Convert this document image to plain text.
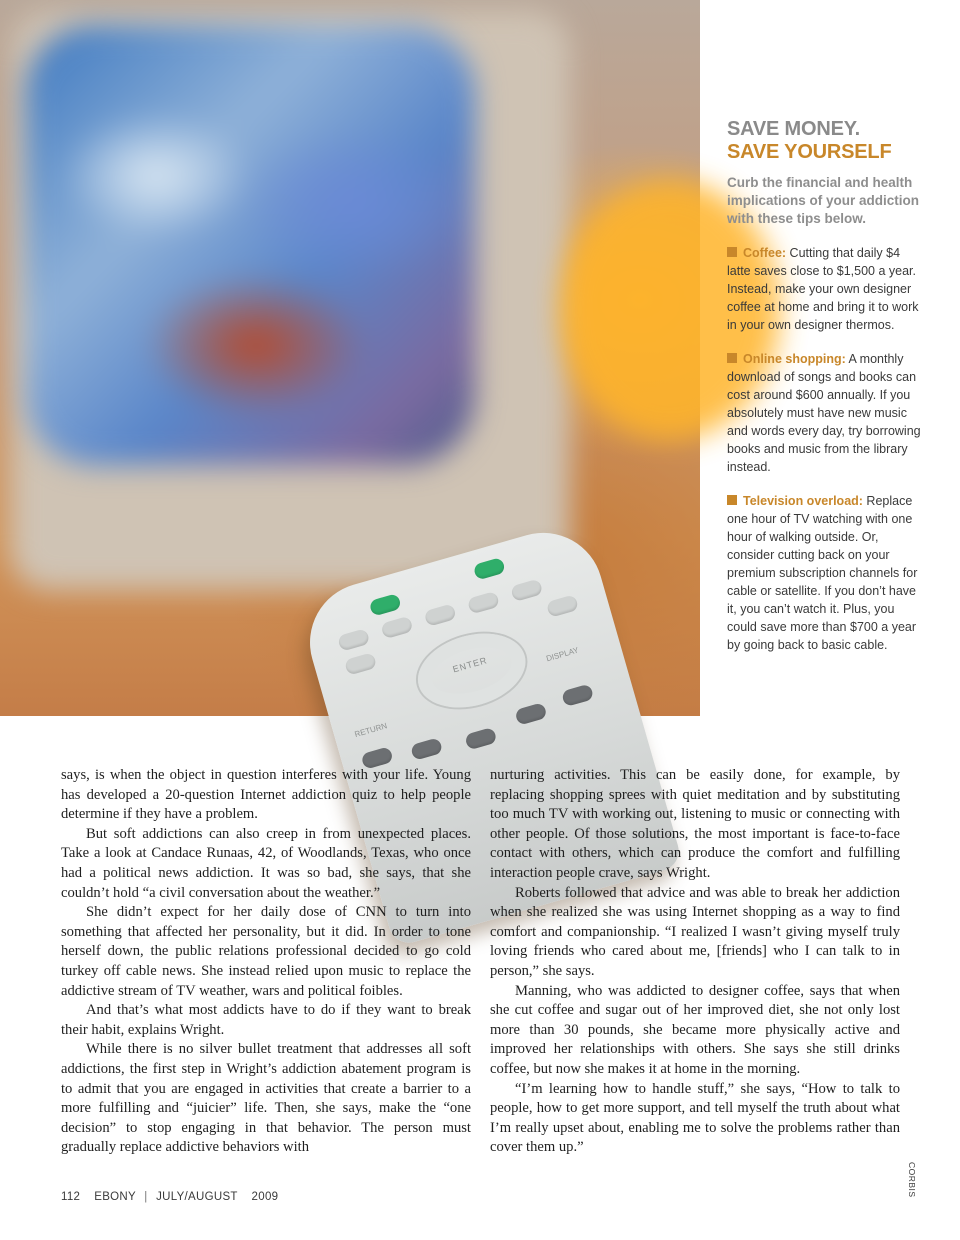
ENTER
RETURN
DISPLAY
SAVE MONEY.
SAVE YOURSELF
Curb the financial and health implications of your addiction with these tips below.
Coffee: Cutting that daily $4 latte saves close to $1,500 a year. Instead, make your own designer coffee at home and bring it to work in your own designer thermos.
Online shopping: A monthly download of songs and books can cost around $600 annually. If you absolutely must have new music and words every day, try borrowing books and music from the library instead.
Television overload: Replace one hour of TV watching with one hour of walking outside. Or, consider cutting back on your premium subscription channels for cable or satellite. If you don’t have it, you can’t watch it. Plus, you could save more than $700 a year by going back to basic cable.

says, is when the object in question interferes with your life. Young has developed a 20-question Internet addiction quiz to help people determine if they have a problem.

But soft addictions can also creep in from unexpected places. Take a look at Candace Runaas, 42, of Woodlands, Texas, who once had a political news addiction. It was so bad, she says, that she couldn’t hold “a civil conversation about the weather.”

She didn’t expect for her daily dose of CNN to turn into something that affected her personality, but it did. In order to tone herself down, the public relations professional decided to go cold turkey off cable news. She instead relied upon music to replace the addictive stream of TV weather, wars and political foibles.

And that’s what most addicts have to do if they want to break their habit, explains Wright.

While there is no silver bullet treatment that addresses all soft addictions, the first step in Wright’s addiction abatement program is to admit that you are engaged in activities that create a barrier to a more fulfilling and “juicier” life. Then, she says, make the “one decision” to stop engaging in that behavior. The person must gradually replace addictive behaviors with

nurturing activities. This can be easily done, for example, by replacing shopping sprees with quiet meditation and by substituting too much TV with working out, listening to music or connecting with other people. Of those solutions, the most important is face-to-face contact with others, which can produce the comfort and fulfilling interaction people crave, says Wright.

Roberts followed that advice and was able to break her addiction when she realized she was using Internet shopping as a way to find comfort and companionship. “I realized I wasn’t giving myself truly loving friends who cared about me, [friends] who I can talk to in person,” she says.

Manning, who was addicted to designer coffee, says that when she cut coffee and sugar out of her improved diet, she not only lost more than 30 pounds, she became more physically active and improved her relationships with others. She says she still drinks coffee, but now she makes it at home in the morning.

“I’m learning how to handle stuff,” she says, “How to talk to people, how to get more support, and tell myself the truth about what I’m really upset about, enabling me to solve the problems rather than cover them up.”

112 EBONY | JULY/AUGUST 2009	CORBIS
